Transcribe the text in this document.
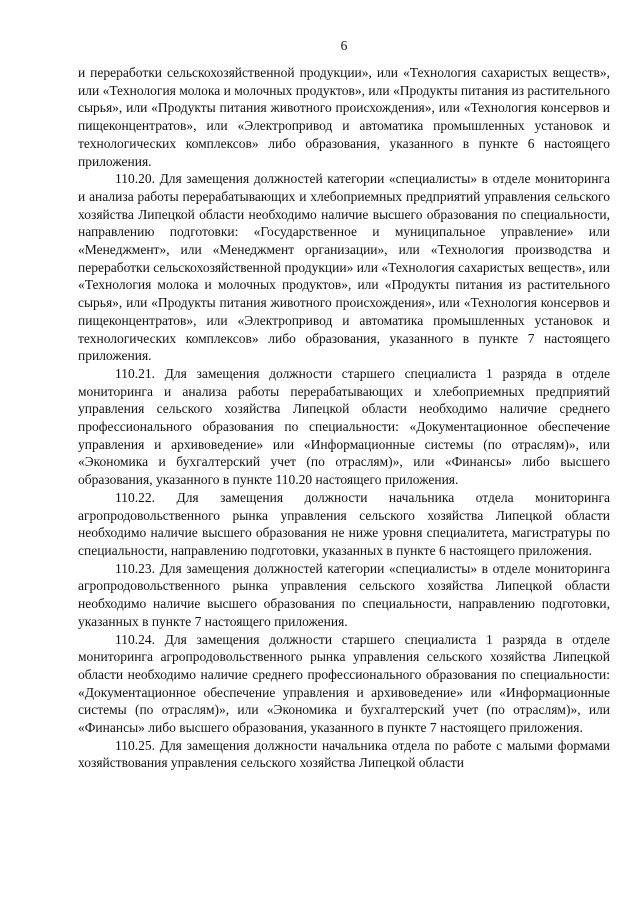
6

и переработки сельскохозяйственной продукции», или «Технология сахаристых веществ», или «Технология молока и молочных продуктов», или «Продукты питания из растительного сырья», или «Продукты питания животного происхождения», или «Технология консервов и пищеконцентратов», или «Электропривод и автоматика промышленных установок и технологических комплексов» либо образования, указанного в пункте 6 настоящего приложения.

110.20. Для замещения должностей категории «специалисты» в отделе мониторинга и анализа работы перерабатывающих и хлебоприемных предприятий управления сельского хозяйства Липецкой области необходимо наличие высшего образования по специальности, направлению подготовки: «Государственное и муниципальное управление» или «Менеджмент», или «Менеджмент организации», или «Технология производства и переработки сельскохозяйственной продукции» или «Технология сахаристых веществ», или «Технология молока и молочных продуктов», или «Продукты питания из растительного сырья», или «Продукты питания животного происхождения», или «Технология консервов и пищеконцентратов», или «Электропривод и автоматика промышленных установок и технологических комплексов» либо образования, указанного в пункте 7 настоящего приложения.

110.21. Для замещения должности старшего специалиста 1 разряда в отделе мониторинга и анализа работы перерабатывающих и хлебоприемных предприятий управления сельского хозяйства Липецкой области необходимо наличие среднего профессионального образования по специальности: «Документационное обеспечение управления и архивоведение» или «Информационные системы (по отраслям)», или «Экономика и бухгалтерский учет (по отраслям)», или «Финансы» либо высшего образования, указанного в пункте 110.20 настоящего приложения.

110.22. Для замещения должности начальника отдела мониторинга агропродовольственного рынка управления сельского хозяйства Липецкой области необходимо наличие высшего образования не ниже уровня специалитета, магистратуры по специальности, направлению подготовки, указанных в пункте 6 настоящего приложения.

110.23. Для замещения должностей категории «специалисты» в отделе мониторинга агропродовольственного рынка управления сельского хозяйства Липецкой области необходимо наличие высшего образования по специальности, направлению подготовки, указанных в пункте 7 настоящего приложения.

110.24. Для замещения должности старшего специалиста 1 разряда в отделе мониторинга агропродовольственного рынка управления сельского хозяйства Липецкой области необходимо наличие среднего профессионального образования по специальности: «Документационное обеспечение управления и архивоведение» или «Информационные системы (по отраслям)», или «Экономика и бухгалтерский учет (по отраслям)», или «Финансы» либо высшего образования, указанного в пункте 7 настоящего приложения.

110.25. Для замещения должности начальника отдела по работе с малыми формами хозяйствования управления сельского хозяйства Липецкой области
